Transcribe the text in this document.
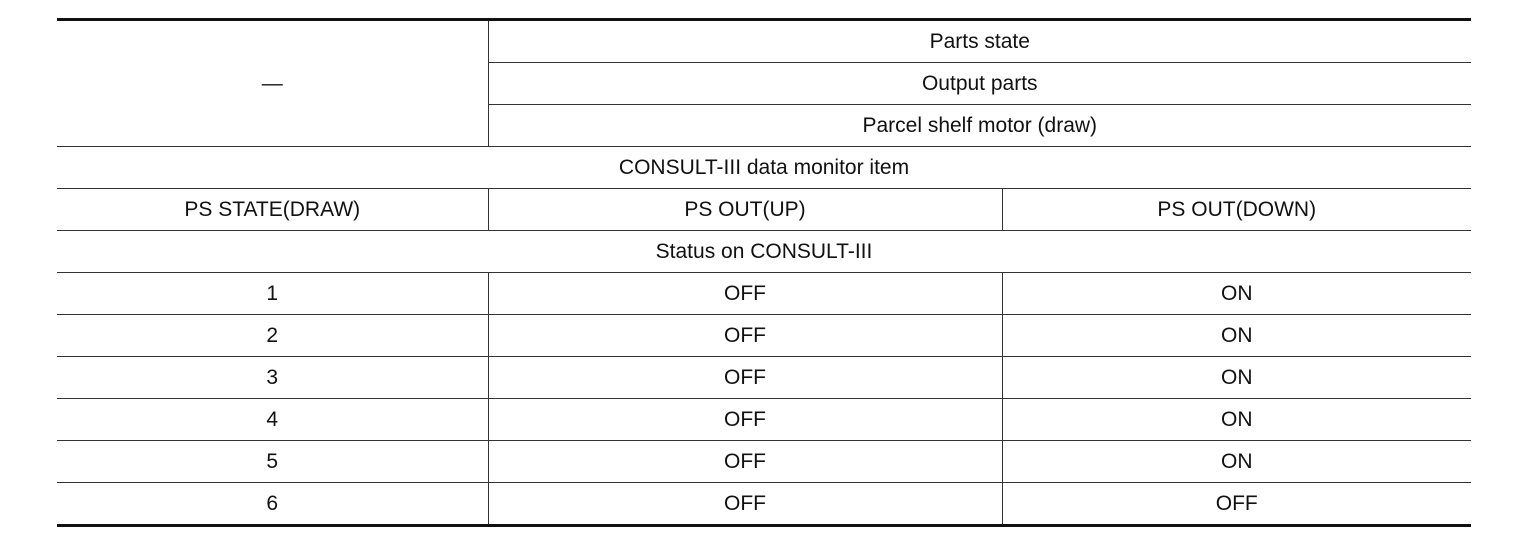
—	Parts state	
	Output parts	
	Parcel shelf motor (draw)	
CONSULT-III data monitor item		
PS STATE(DRAW)	PS OUT(UP)	PS OUT(DOWN)
Status on CONSULT-III		
1	OFF	ON
2	OFF	ON
3	OFF	ON
4	OFF	ON
5	OFF	ON
6	OFF	OFF
